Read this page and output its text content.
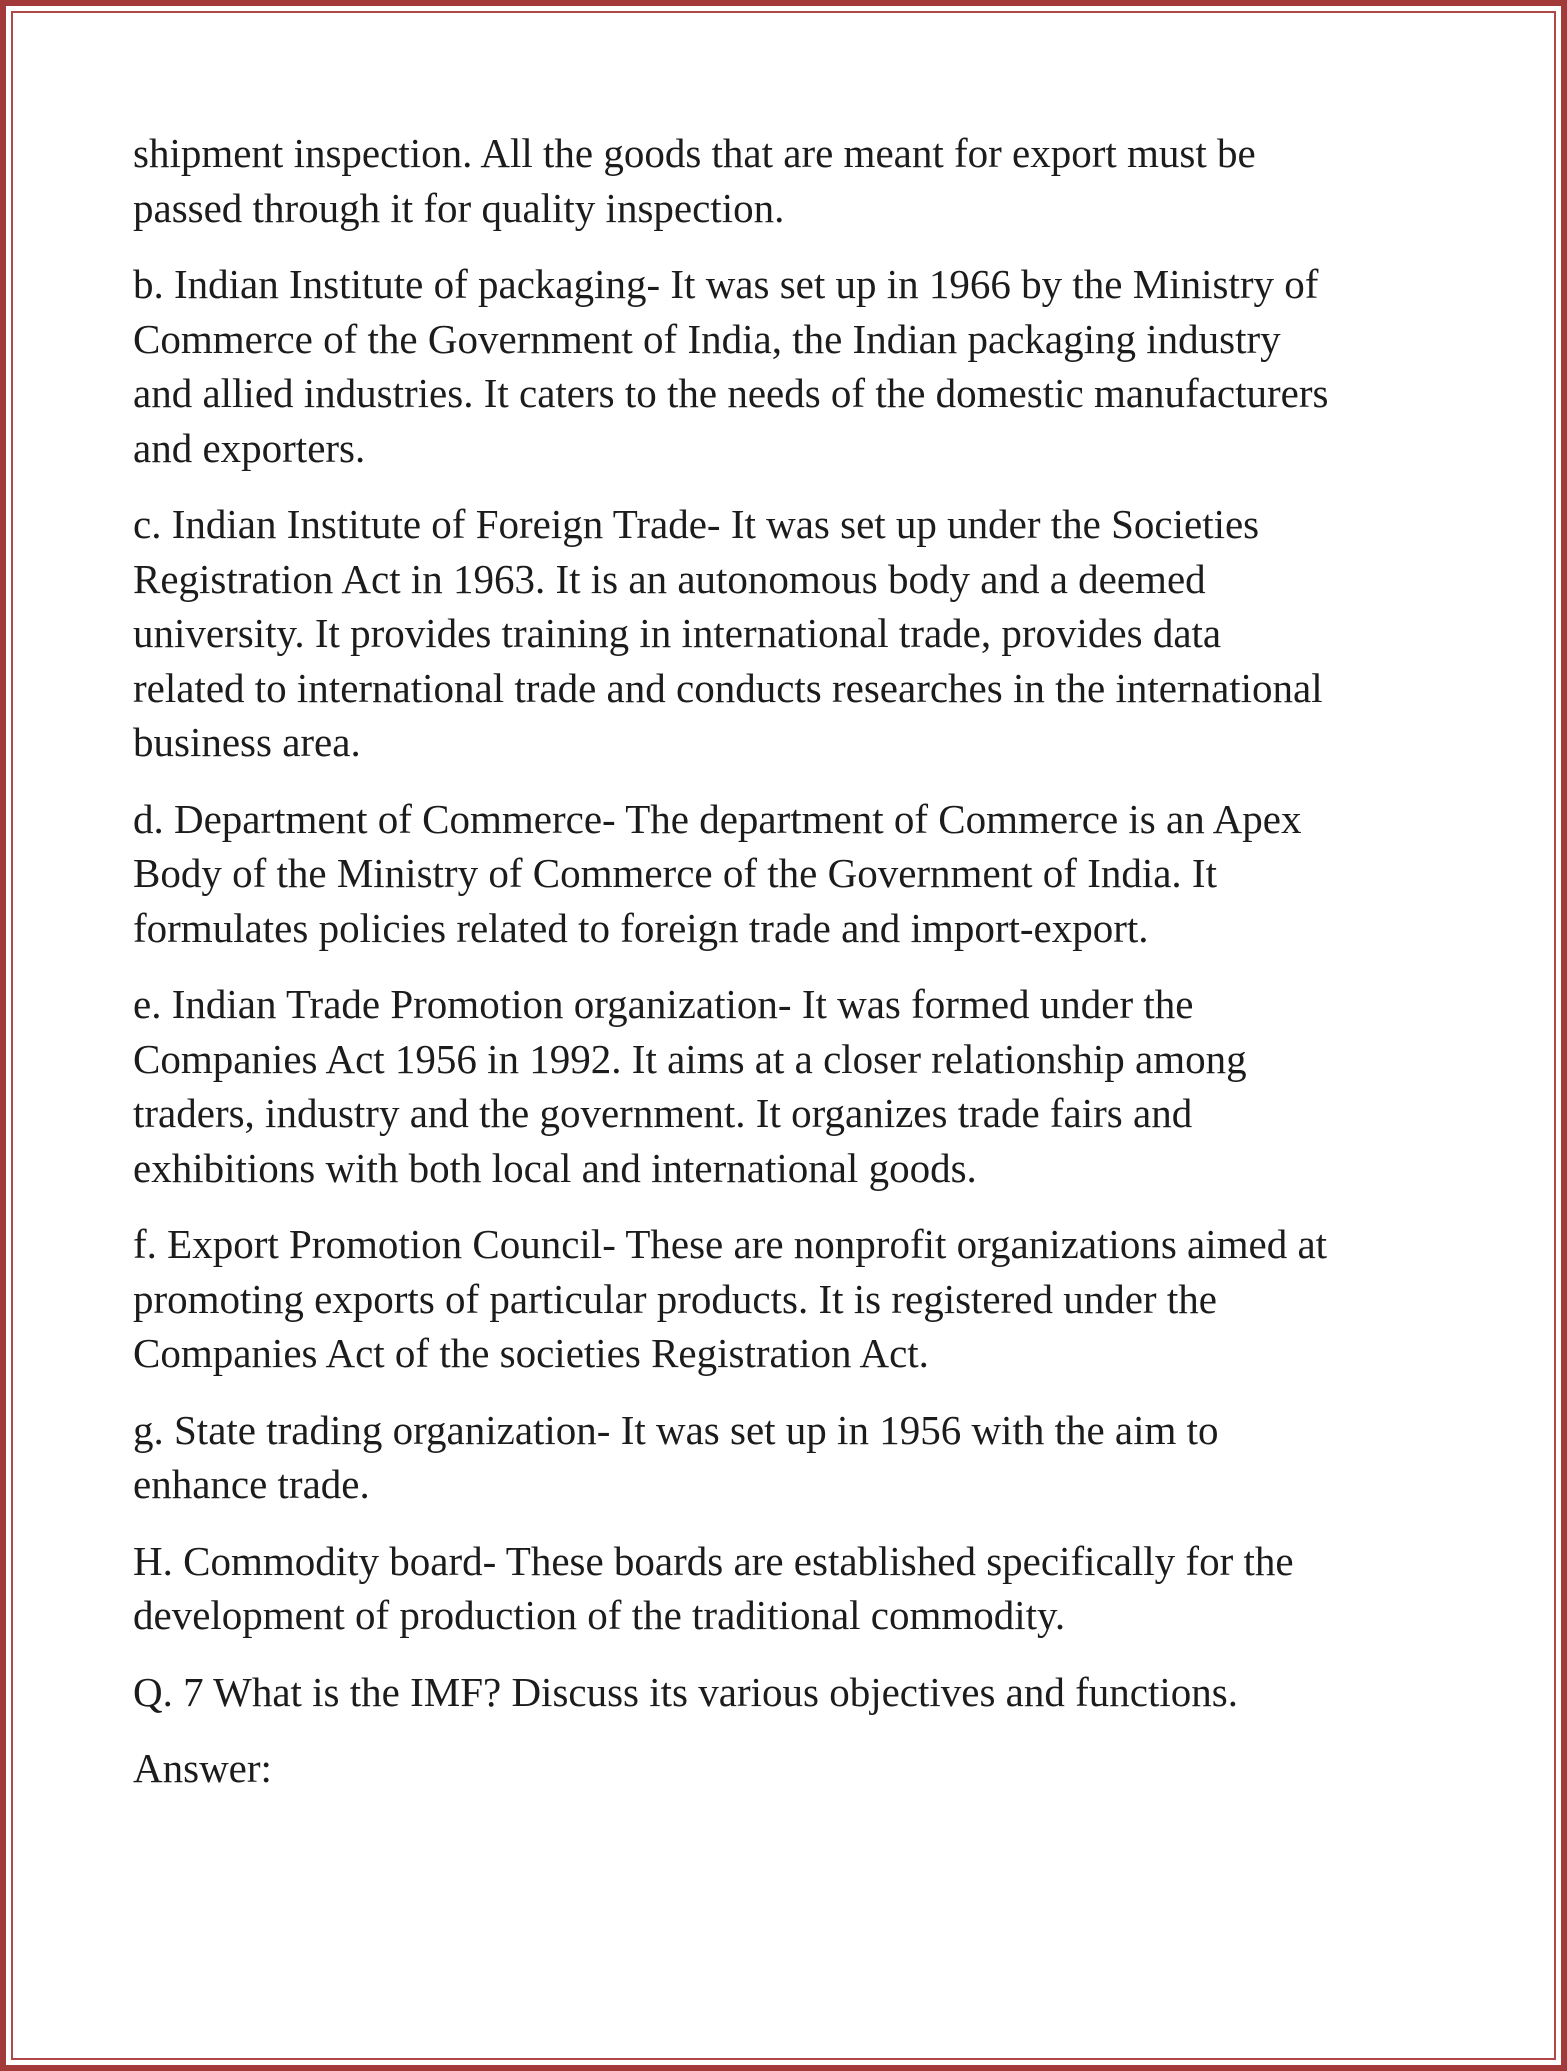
shipment inspection. All the goods that are meant for export must be
passed through it for quality inspection.

b. Indian Institute of packaging- It was set up in 1966 by the Ministry of
Commerce of the Government of India, the Indian packaging industry
and allied industries. It caters to the needs of the domestic manufacturers
and exporters.

c. Indian Institute of Foreign Trade- It was set up under the Societies
Registration Act in 1963. It is an autonomous body and a deemed
university. It provides training in international trade, provides data
related to international trade and conducts researches in the international
business area.

d. Department of Commerce- The department of Commerce is an Apex
Body of the Ministry of Commerce of the Government of India. It
formulates policies related to foreign trade and import-export.

e. Indian Trade Promotion organization- It was formed under the
Companies Act 1956 in 1992. It aims at a closer relationship among
traders, industry and the government. It organizes trade fairs and
exhibitions with both local and international goods.

f. Export Promotion Council- These are nonprofit organizations aimed at
promoting exports of particular products. It is registered under the
Companies Act of the societies Registration Act.

g. State trading organization- It was set up in 1956 with the aim to
enhance trade.

H. Commodity board- These boards are established specifically for the
development of production of the traditional commodity.

Q. 7 What is the IMF? Discuss its various objectives and functions.

Answer:
